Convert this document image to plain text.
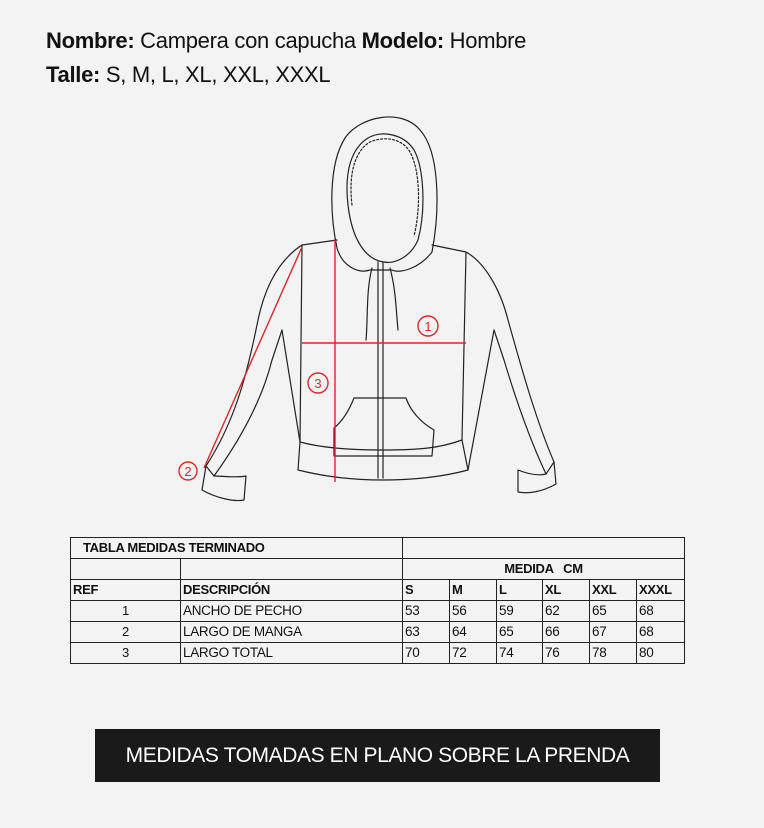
Nombre: Campera con capucha Modelo: Hombre
Talle: S, M, L, XL, XXL, XXXL
1
2
3
TABLA MEDIDAS TERMINADO							
		MEDIDA   CM					
REF	DESCRIPCIÓN	S	M	L	XL	XXL	XXXL
1	ANCHO DE PECHO	53	56	59	62	65	68
2	LARGO DE MANGA	63	64	65	66	67	68
3	LARGO TOTAL	70	72	74	76	78	80
MEDIDAS TOMADAS EN PLANO SOBRE LA PRENDA
